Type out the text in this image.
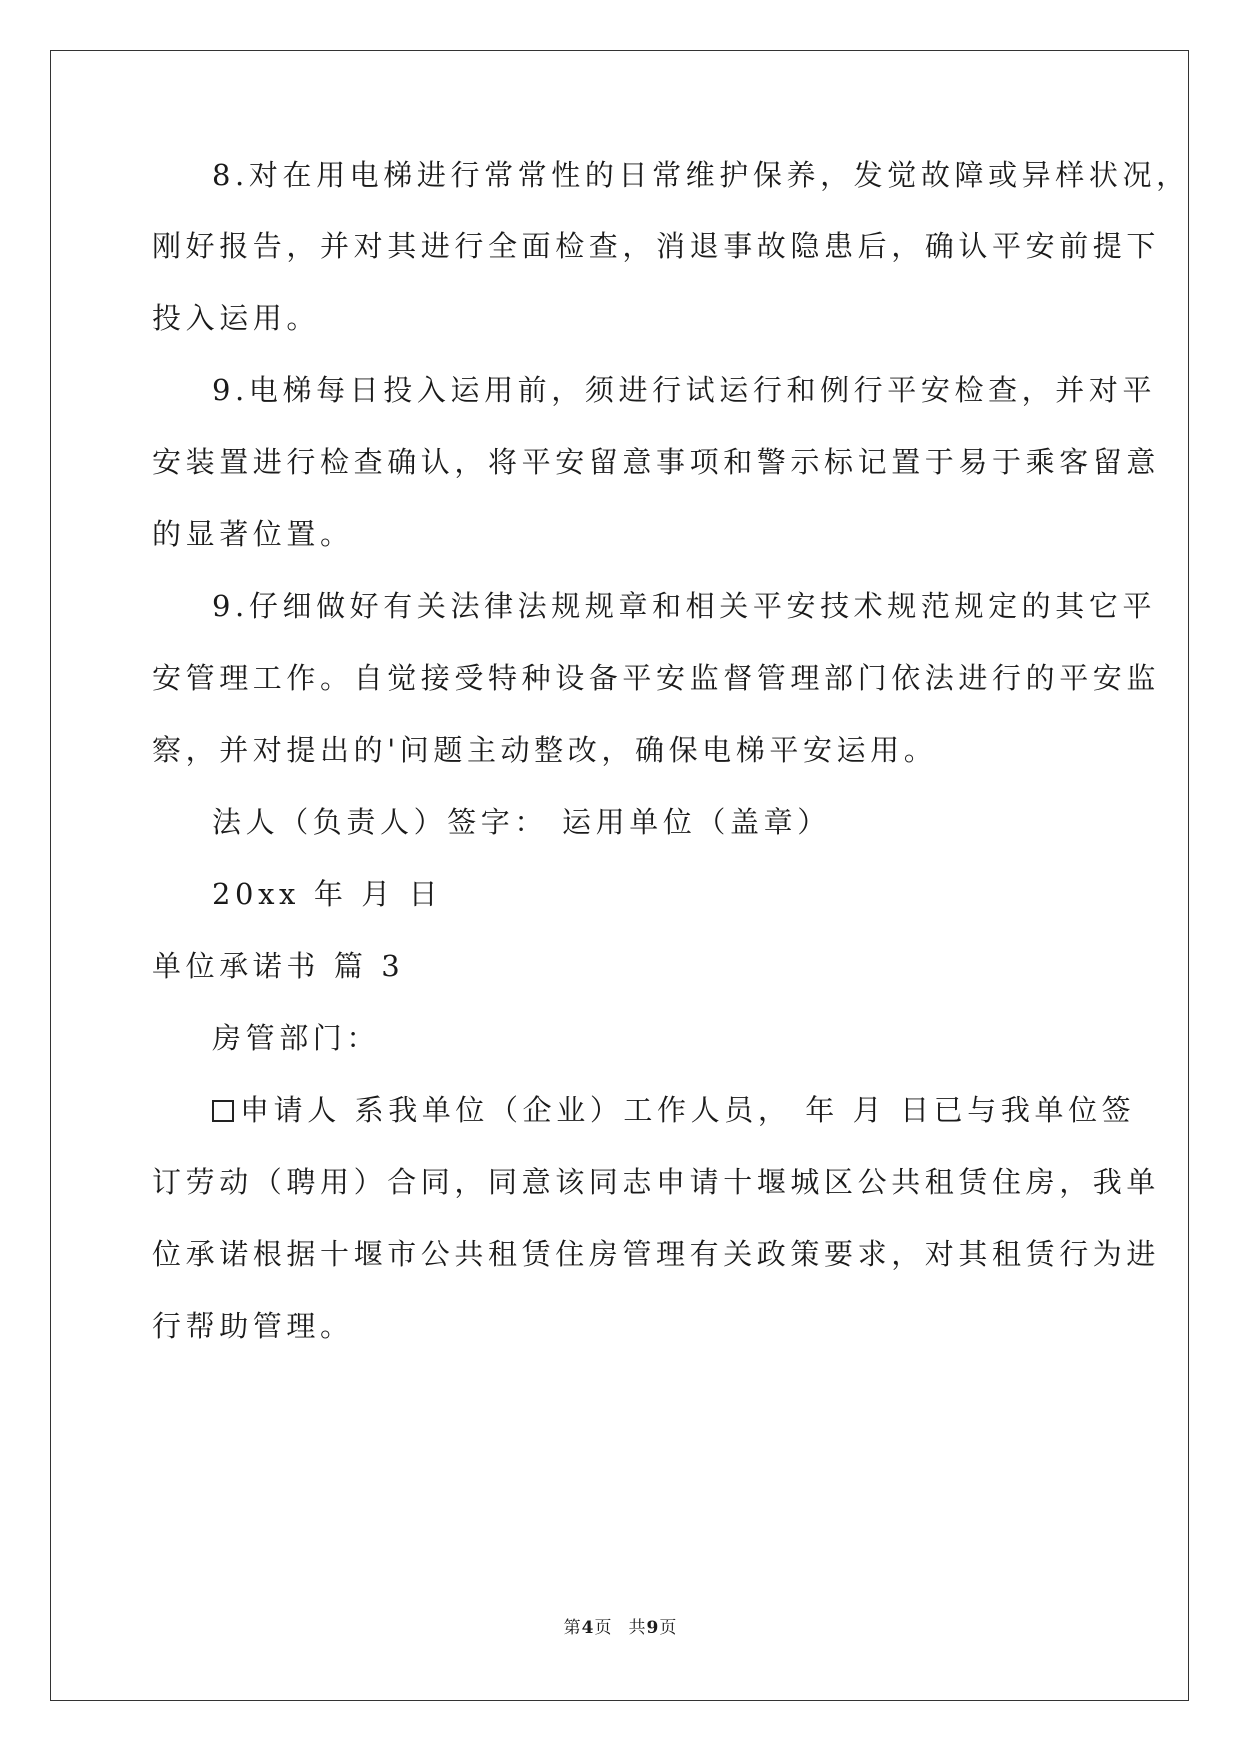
8.对在用电梯进行常常性的日常维护保养，发觉故障或异样状况，
刚好报告，并对其进行全面检查，消退事故隐患后，确认平安前提下
投入运用。
9.电梯每日投入运用前，须进行试运行和例行平安检查，并对平
安装置进行检查确认，将平安留意事项和警示标记置于易于乘客留意
的显著位置。
9.仔细做好有关法律法规规章和相关平安技术规范规定的其它平
安管理工作。自觉接受特种设备平安监督管理部门依法进行的平安监
察，并对提出的'问题主动整改，确保电梯平安运用。
法人（负责人）签字： 运用单位（盖章）
20xx 年 月 日
单位承诺书 篇 3
房管部门：
申请人 系我单位（企业）工作人员， 年 月 日已与我单位签
订劳动（聘用）合同，同意该同志申请十堰城区公共租赁住房，我单
位承诺根据十堰市公共租赁住房管理有关政策要求，对其租赁行为进
行帮助管理。
第4页 共9页
